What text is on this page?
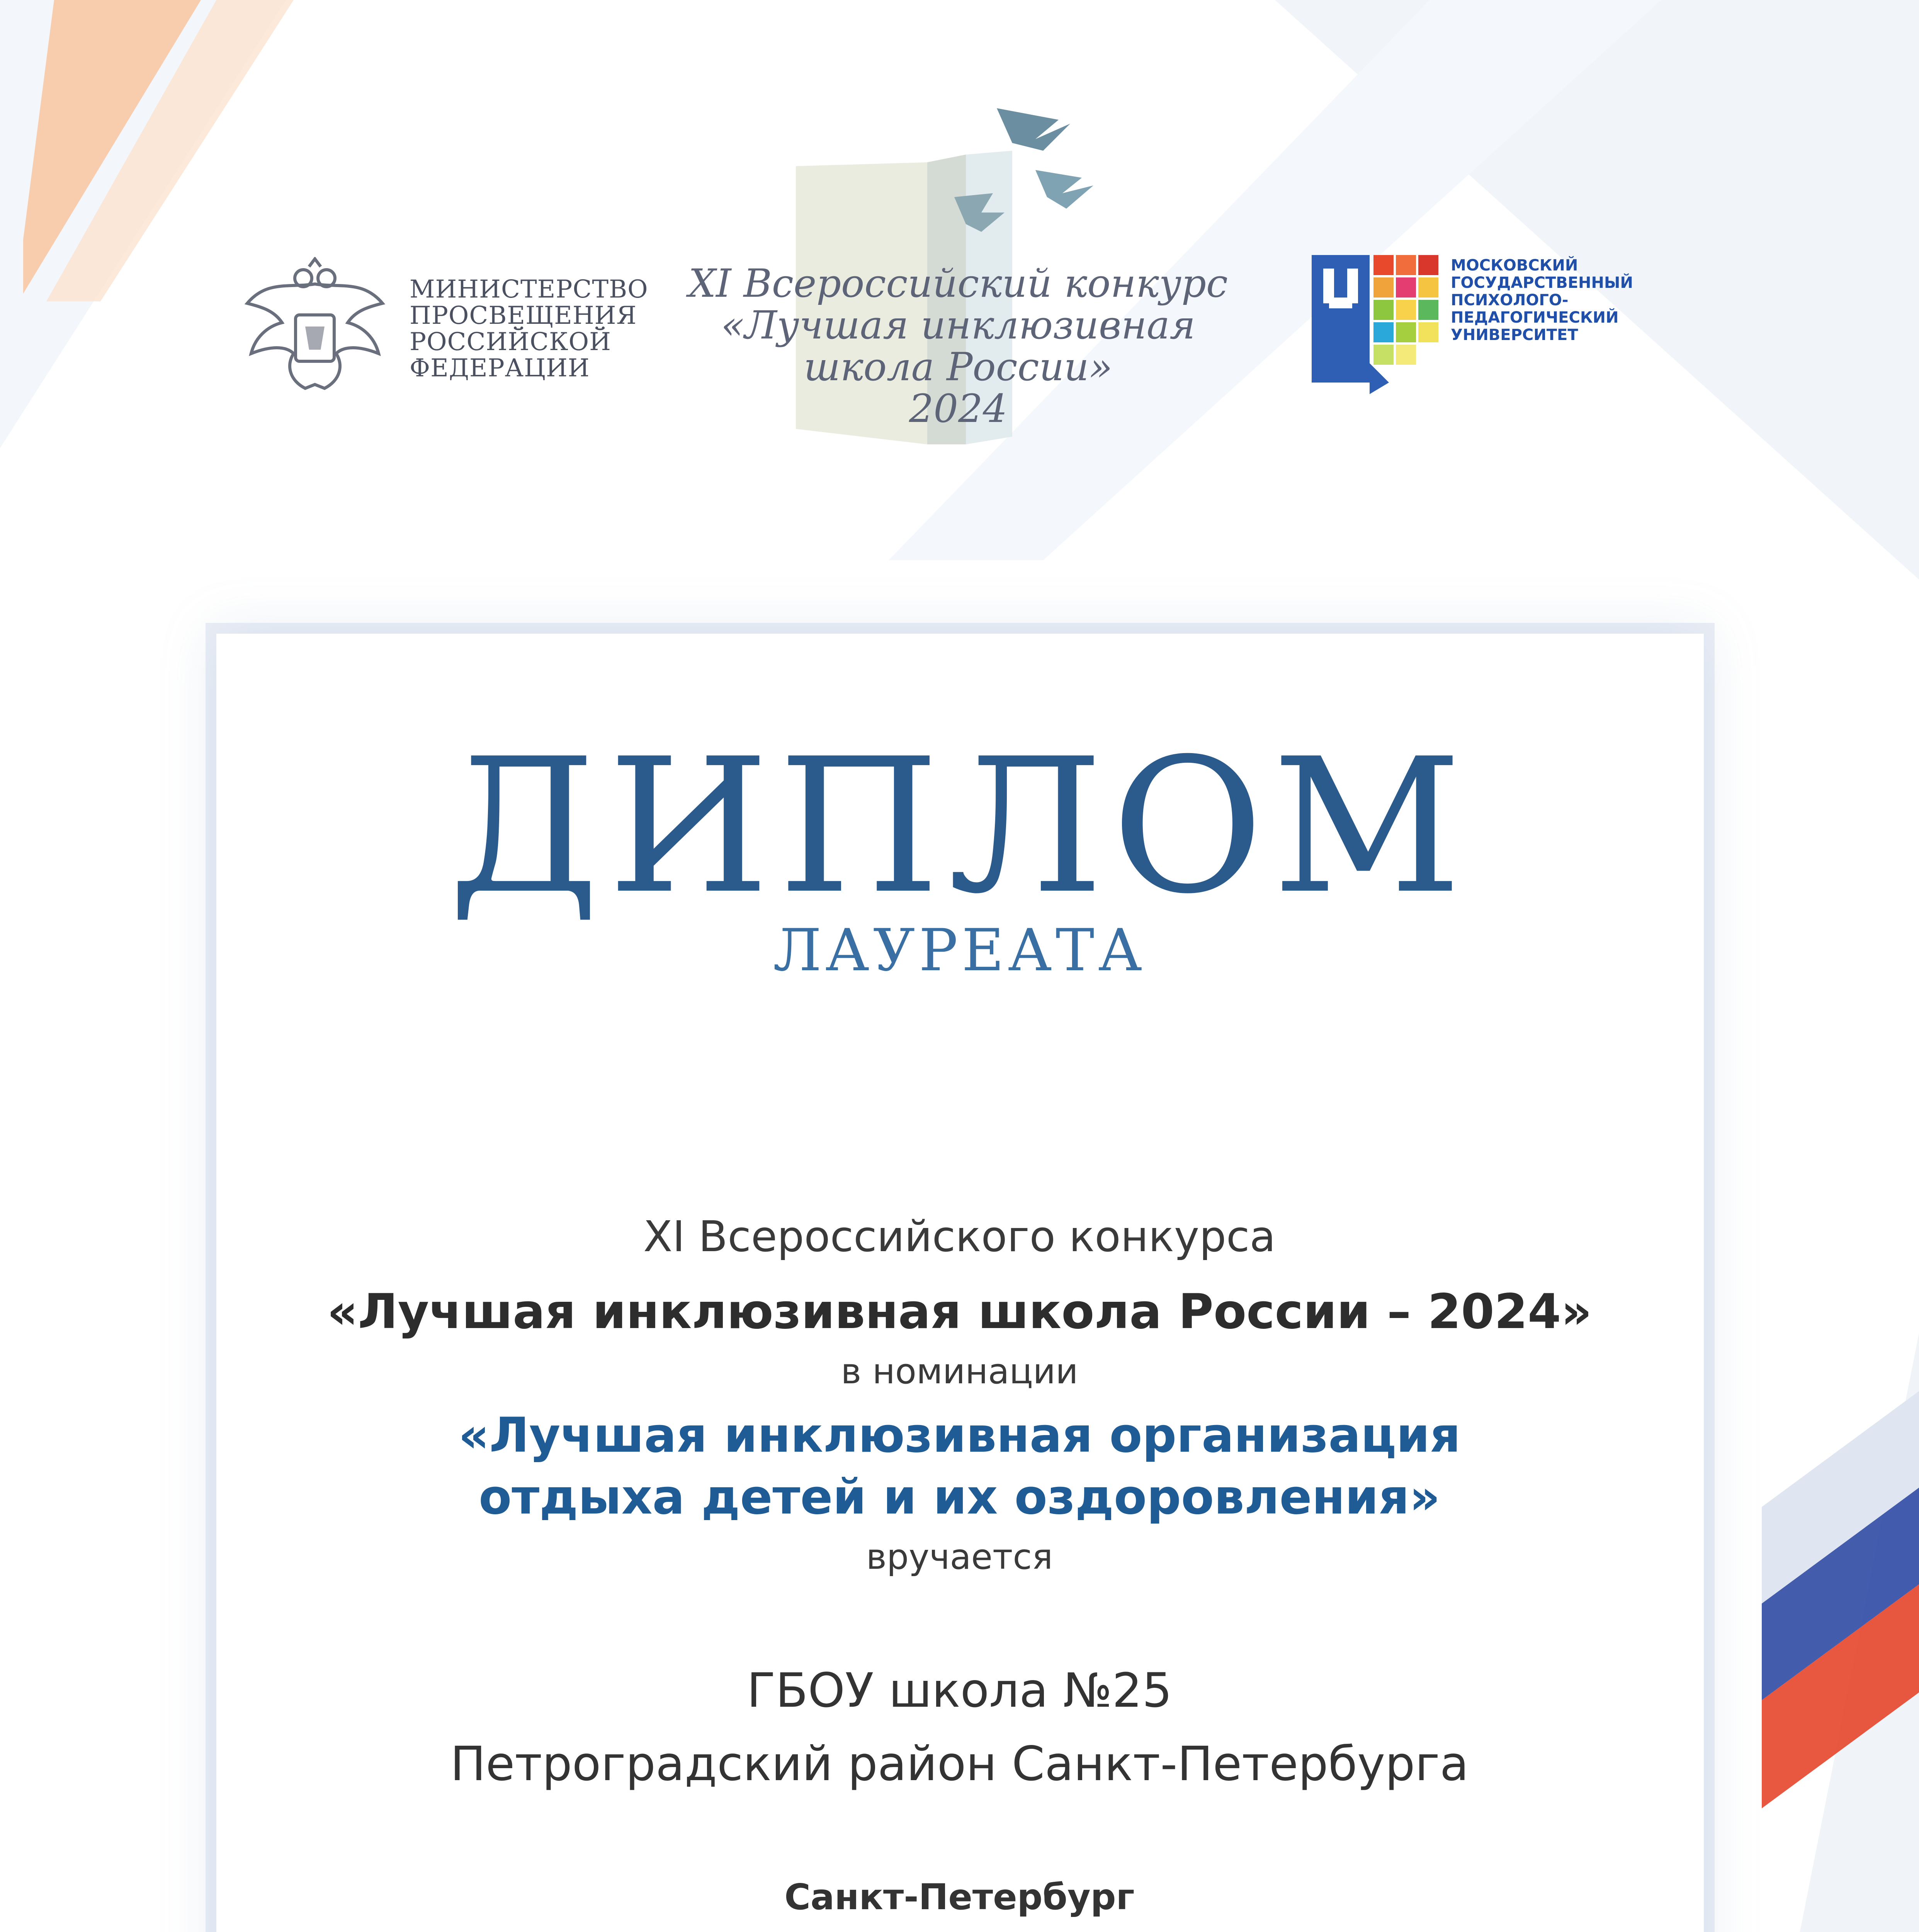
МИНИСТЕРСТВО
ПРОСВЕЩЕНИЯ
РОССИЙСКОЙ
ФЕДЕРАЦИИ
XI Всероссийский конкурс
«Лучшая инклюзивная
школа России»
2024
МОСКОВСКИЙ
ГОСУДАРСТВЕННЫЙ
ПСИХОЛОГО-
ПЕДАГОГИЧЕСКИЙ
УНИВЕРСИТЕТ
ДИПЛОМ
ЛАУРЕАТА
XI Всероссийского конкурса
«Лучшая инклюзивная школа России – 2024»
в номинации
«Лучшая инклюзивная организация
отдыха детей и их оздоровления»
вручается
ГБОУ школа №25
Петроградский район Санкт-Петербурга
Санкт-Петербург
